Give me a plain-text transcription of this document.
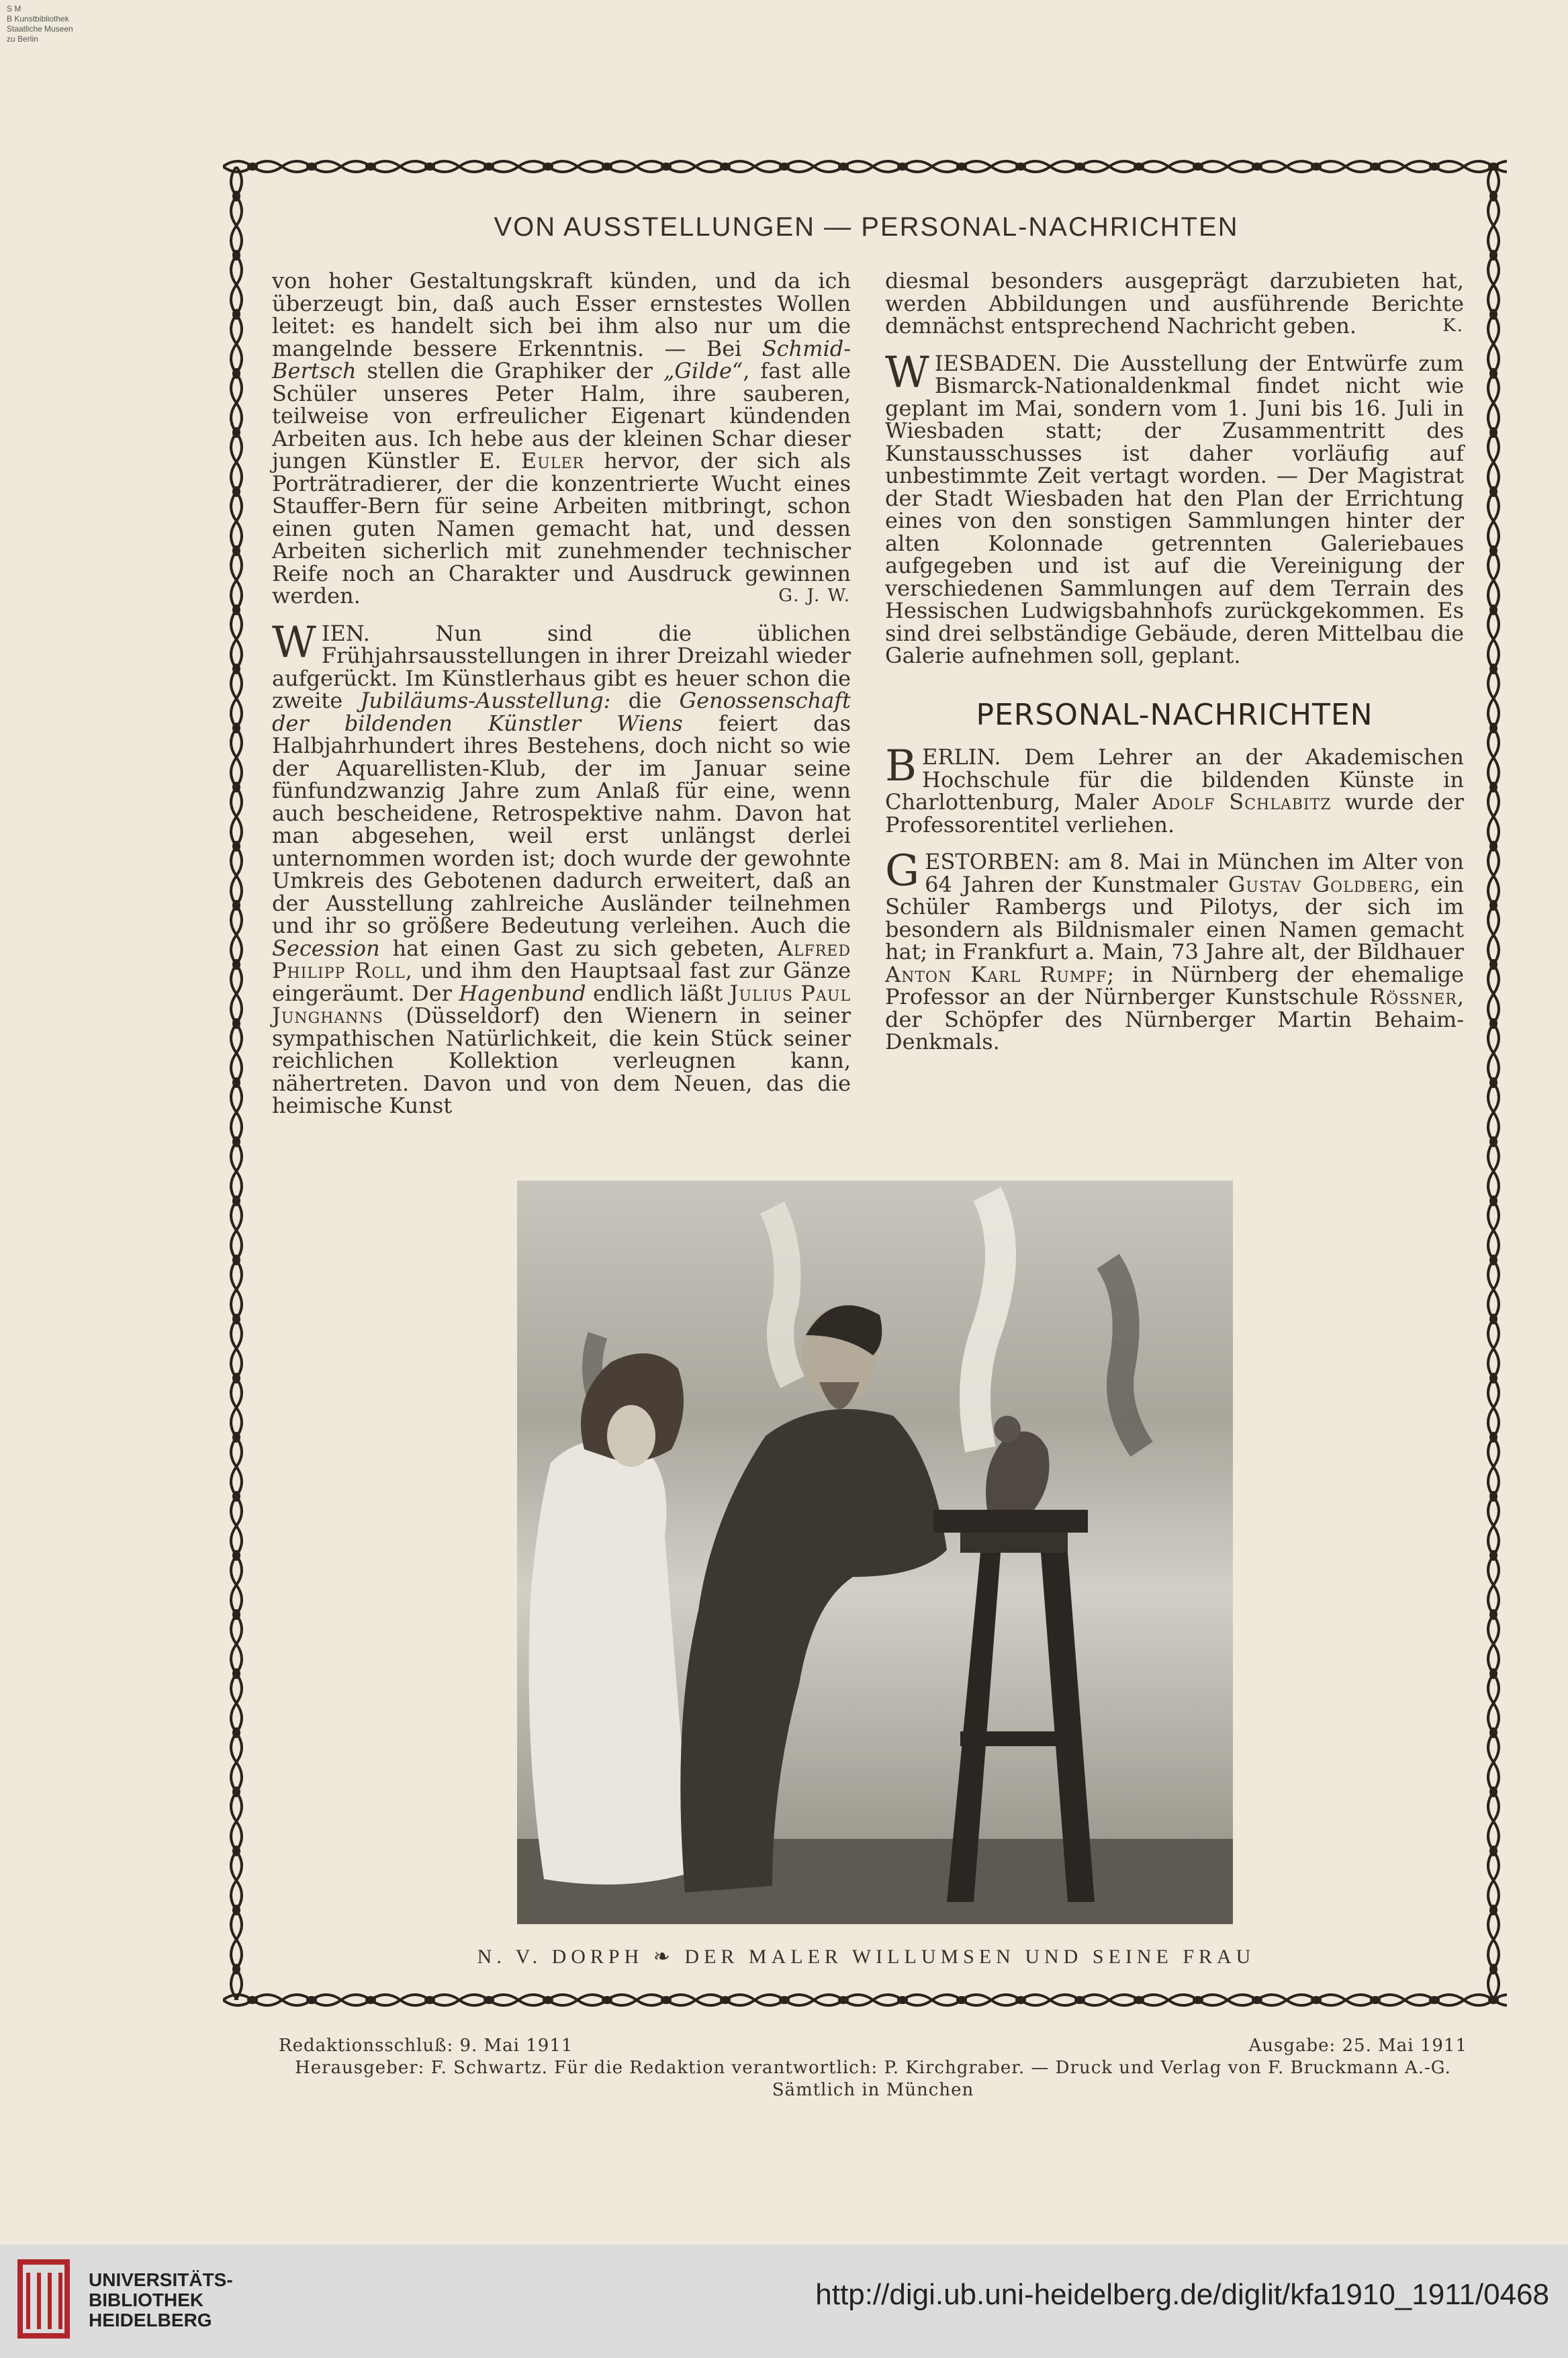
S M
B Kunstbibliothek
Staatliche Museen
zu Berlin
VON AUSSTELLUNGEN — PERSONAL-NACHRICHTEN

von hoher Gestaltungskraft künden, und da ich überzeugt bin, daß auch Esser ernstestes Wollen leitet: es handelt sich bei ihm also nur um die mangelnde bessere Erkenntnis. — Bei Schmid-Bertsch stellen die Graphiker der „Gilde“, fast alle Schüler unseres Peter Halm, ihre sauberen, teilweise von erfreulicher Eigenart kündenden Arbeiten aus. Ich hebe aus der kleinen Schar dieser jungen Künstler E. Euler hervor, der sich als Porträtradierer, der die konzentrierte Wucht eines Stauffer-Bern für seine Arbeiten mitbringt, schon einen guten Namen gemacht hat, und dessen Arbeiten sicherlich mit zunehmender technischer Reife noch an Charakter und Ausdruck gewinnen werden.	G. J. W.

WIEN. Nun sind die üblichen Frühjahrsausstellungen in ihrer Dreizahl wieder aufgerückt. Im Künstlerhaus gibt es heuer schon die zweite Jubiläums-Ausstellung: die Genossenschaft der bildenden Künstler Wiens feiert das Halbjahrhundert ihres Bestehens, doch nicht so wie der Aquarellisten-Klub, der im Januar seine fünfundzwanzig Jahre zum Anlaß für eine, wenn auch bescheidene, Retrospektive nahm. Davon hat man abgesehen, weil erst unlängst derlei unternommen worden ist; doch wurde der gewohnte Umkreis des Gebotenen dadurch erweitert, daß an der Ausstellung zahlreiche Ausländer teilnehmen und ihr so größere Bedeutung verleihen. Auch die Secession hat einen Gast zu sich gebeten, Alfred Philipp Roll, und ihm den Hauptsaal fast zur Gänze eingeräumt. Der Hagenbund endlich läßt Julius Paul Junghanns (Düsseldorf) den Wienern in seiner sympathischen Natürlichkeit, die kein Stück seiner reichlichen Kollektion verleugnen kann, nähertreten. Davon und von dem Neuen, das die heimische Kunst

diesmal besonders ausgeprägt darzubieten hat, werden Abbildungen und ausführende Berichte demnächst entsprechend Nachricht geben.	K.

WIESBADEN. Die Ausstellung der Entwürfe zum Bismarck-Nationaldenkmal findet nicht wie geplant im Mai, sondern vom 1. Juni bis 16. Juli in Wiesbaden statt; der Zusammentritt des Kunstausschusses ist daher vorläufig auf unbestimmte Zeit vertagt worden. — Der Magistrat der Stadt Wiesbaden hat den Plan der Errichtung eines von den sonstigen Sammlungen hinter der alten Kolonnade getrennten Galeriebaues aufgegeben und ist auf die Vereinigung der verschiedenen Sammlungen auf dem Terrain des Hessischen Ludwigsbahnhofs zurückgekommen. Es sind drei selbständige Gebäude, deren Mittelbau die Galerie aufnehmen soll, geplant.

PERSONAL-NACHRICHTEN

BERLIN. Dem Lehrer an der Akademischen Hochschule für die bildenden Künste in Charlottenburg, Maler Adolf Schlabitz wurde der Professorentitel verliehen.

GESTORBEN: am 8. Mai in München im Alter von 64 Jahren der Kunstmaler Gustav Goldberg, ein Schüler Rambergs und Pilotys, der sich im besondern als Bildnismaler einen Namen gemacht hat; in Frankfurt a. Main, 73 Jahre alt, der Bildhauer Anton Karl Rumpf; in Nürnberg der ehemalige Professor an der Nürnberger Kunstschule Rössner, der Schöpfer des Nürnberger Martin Behaim-Denkmals.

N. V. DORPH ❧ DER MALER WILLUMSEN UND SEINE FRAU
Redaktionsschluß: 9. Mai 1911	Ausgabe: 25. Mai 1911
Herausgeber: F. Schwartz. Für die Redaktion verantwortlich: P. Kirchgraber. — Druck und Verlag von F. Bruckmann A.-G.
Sämtlich in München
UNIVERSITÄTS-
BIBLIOTHEK
HEIDELBERG
http://digi.ub.uni-heidelberg.de/diglit/kfa1910_1911/0468
